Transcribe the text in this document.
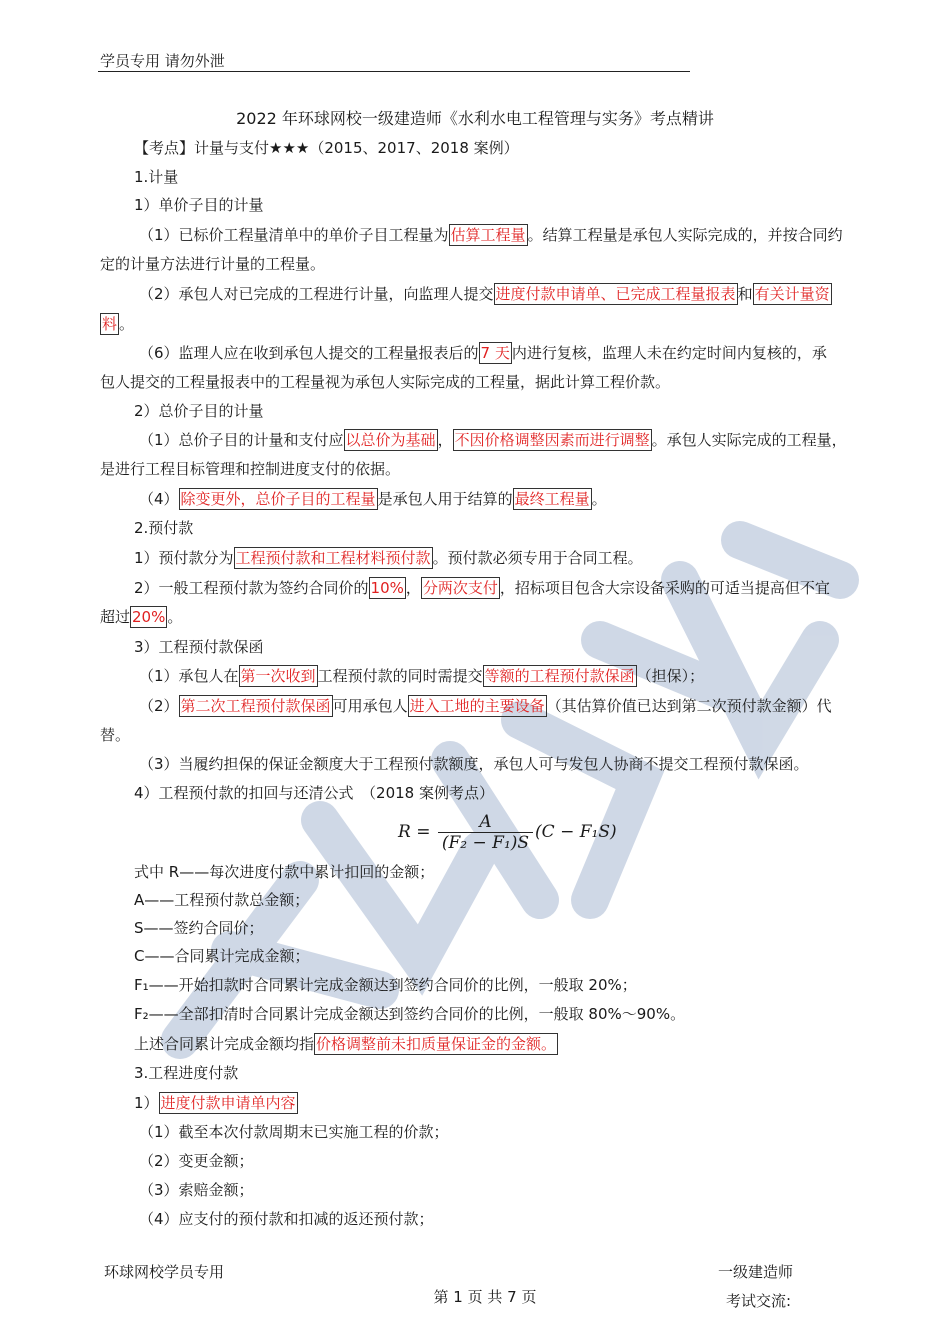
学员专用 请勿外泄
2022 年环球网校一级建造师《水利水电工程管理与实务》考点精讲
【考点】计量与支付★★★（2015、2017、2018 案例）
1.计量
1）单价子目的计量
（1）已标价工程量清单中的单价子目工程量为 估算工程量 。结算工程量是承包人实际完成的，并按合同约
定的计量方法进行计量的工程量。
（2）承包人对已完成的工程进行计量，向监理人提交 进度付款申请单、已完成工程量报表 和 有关计量资
料 。
（6）监理人应在收到承包人提交的工程量报表后的 7 天 内进行复核，监理人未在约定时间内复核的，承
包人提交的工程量报表中的工程量视为承包人实际完成的工程量，据此计算工程价款。
2）总价子目的计量
（1）总价子目的计量和支付应 以总价为基础 ， 不因价格调整因素而进行调整 。承包人实际完成的工程量，
是进行工程目标管理和控制进度支付的依据。
（4） 除变更外，总价子目的工程量 是承包人用于结算的 最终工程量 。
2.预付款
1）预付款分为 工程预付款和工程材料预付款 。预付款必须专用于合同工程。
2）一般工程预付款为签约合同价的 10% ， 分两次支付 ，招标项目包含大宗设备采购的可适当提高但不宜
超过 20% 。
3）工程预付款保函
（1）承包人在 第一次收到 工程预付款的同时需提交 等额的工程预付款保函 （担保）；
（2） 第二次工程预付款保函 可用承包人 进入工地的主要设备 （其估算价值已达到第二次预付款金额）代
替。
（3）当履约担保的保证金额度大于工程预付款额度，承包人可与发包人协商不提交工程预付款保函。
4）工程预付款的扣回与还清公式　（2018 案例考点）
$R = \frac{A}{\text{(F₂ − F₁)S}} (C - F_1S)$
式中 R——每次进度付款中累计扣回的金额；
A——工程预付款总金额；
S——签约合同价；
C——合同累计完成金额；
F₁——开始扣款时合同累计完成金额达到签约合同价的比例，一般取 20%；
F₂——全部扣清时合同累计完成金额达到签约合同价的比例，一般取 80%～90%。
上述合同累计完成金额均指 价格调整前未扣质量保证金的金额。
3.工程进度付款
1） 进度付款申请单内容
（1）截至本次付款周期末已实施工程的价款；
（2）变更金额；
（3）索赔金额；
（4）应支付的预付款和扣减的返还预付款；
环球网校学员专用	一级建造师
第 1 页 共 7 页	考试交流:
